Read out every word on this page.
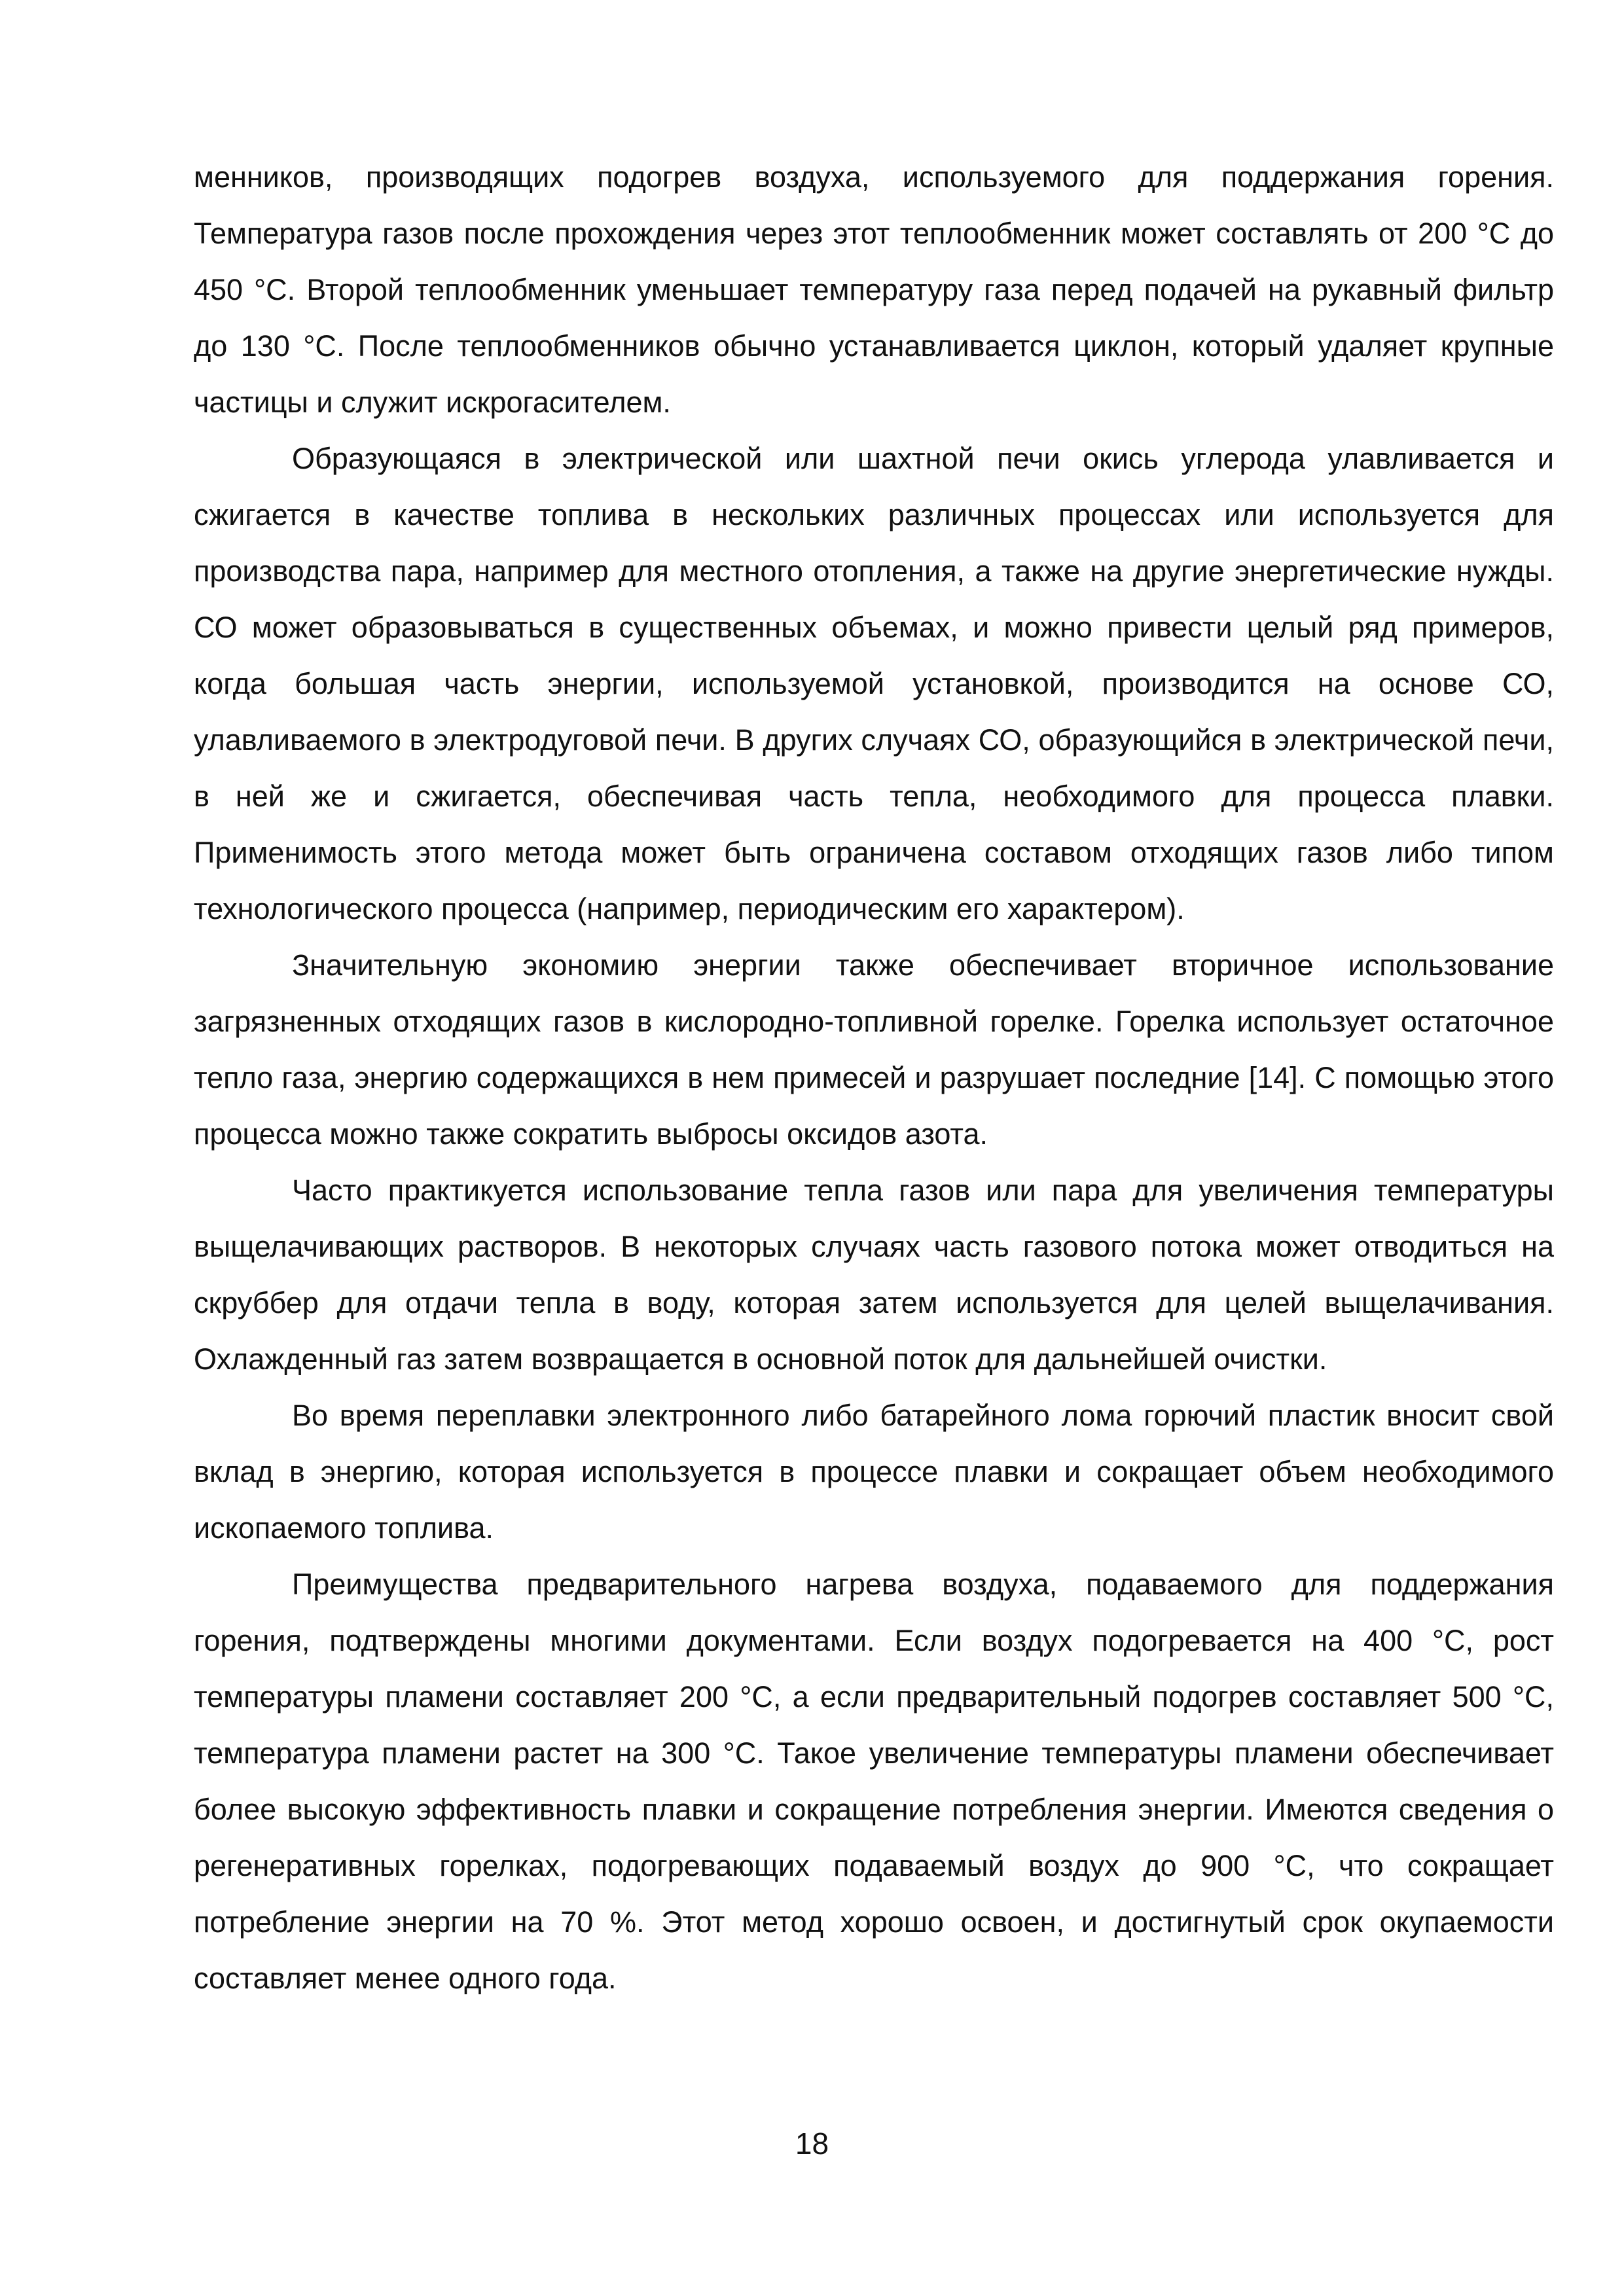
менников, производящих подогрев воздуха, используемого для поддержания горения. Температура газов после прохождения через этот теплообменник может составлять от 200 °С до 450 °С. Второй теплообменник уменьшает температуру газа перед подачей на рукавный фильтр до 130 °С. После теплообменников обычно устанавливается циклон, который удаляет крупные частицы и служит искрогасителем.

Образующаяся в электрической или шахтной печи окись углерода улавливается и сжигается в качестве топлива в нескольких различных процессах или используется для производства пара, например для местного отопления, а также на другие энергетические нужды. СО может образовываться в существенных объемах, и можно привести целый ряд примеров, когда большая часть энергии, используемой установкой, производится на основе СО, улавливаемого в электродуговой печи. В других случаях СО, образующийся в электрической печи, в ней же и сжигается, обеспечивая часть тепла, необходимого для процесса плавки. Применимость этого метода может быть ограничена составом отходящих газов либо типом технологического процесса (например, периодическим его характером).

Значительную экономию энергии также обеспечивает вторичное использование загрязненных отходящих газов в кислородно-топливной горелке. Горелка использует остаточное тепло газа, энергию содержащихся в нем примесей и разрушает последние [14]. С помощью этого процесса можно также сократить выбросы оксидов азота.

Часто практикуется использование тепла газов или пара для увеличения температуры выщелачивающих растворов. В некоторых случаях часть газового потока может отводиться на скруббер для отдачи тепла в воду, которая затем используется для целей выщелачивания. Охлажденный газ затем возвращается в основной поток для дальнейшей очистки.

Во время переплавки электронного либо батарейного лома горючий пластик вносит свой вклад в энергию, которая используется в процессе плавки и сокращает объем необходимого ископаемого топлива.

Преимущества предварительного нагрева воздуха, подаваемого для поддержания горения, подтверждены многими документами. Если воздух подогревается на 400 °С, рост температуры пламени составляет 200 °С, а если предварительный подогрев составляет 500 °С, температура пламени растет на 300 °С. Такое увеличение температуры пламени обеспечивает более высокую эффективность плавки и сокращение потребления энергии. Имеются сведения о регенеративных горелках, подогревающих подаваемый воздух до 900 °С, что сокращает потребление энергии на 70 %. Этот метод хорошо освоен, и достигнутый срок окупаемости составляет менее одного года.

18
